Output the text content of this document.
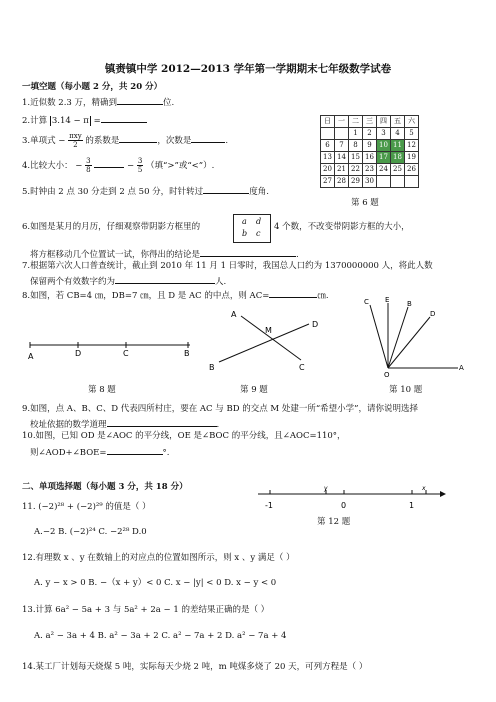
镇赉镇中学 2012—2013 学年第一学期期末七年级数学试卷
一填空题（每小题 2 分，共 20 分）
1.近似数 2.3 万，精确到	位.
2.计算 3.14 − π =
3.单项式 − $\frac{\text{πxy}}{2}$ 的系数是	，次数是	.
4.比较大小： − $\frac{3}{8}$	− $\frac{3}{5}$ （填“>”或“<”）.
5.时钟由 2 点 30 分走到 2 点 50 分，时针转过	度角.
日	一	二	三	四	五	六
		1	2	3	4	5
6	7	8	9	10	11	12
13	14	15	16	17	18	19
20	21	22	23	24	25	26
27	28	29	30			
第 6 题
6.如图是某月的月历，仔细观察带阴影方框里的
a d
b c
4 个数，不改变带阴影方框的大小，
将方框移动几个位置试一试，你得出的结论是	.
7.根据第六次人口普查统计，截止到 2010 年 11 月 1 日零时，我国总人口约为 1370000000 人，将此人数
保留两个有效数字约为	人.
8.如图，若 CB=4 ㎝，DB=7 ㎝，且 D 是 AC 的中点，则 AC=	㎝.
A	D	C	B
第 8 题
A
M
D
B	C
第 9 题
C E	B
D
O
A
第 10 题
9.如图，点 A、B、C、D 代表四所村庄，要在 AC 与 BD 的交点 M 处建一所“希望小学”，请你说明选择
校址依据的数学道理	.
10.如图，已知 OD 是∠AOC 的平分线，OE 是∠BOC 的平分线，且∠AOC=110°，
则∠AOD+∠BOE=	°.
二、单项选择题（每小题 3 分，共 18 分）
11. (−2)²⁸ + (−2)²⁹ 的值是（ ）
A.−2 B. (−2)²⁴ C. −2²⁸ D.0
y	x
-1	0	1
第 12 题
12.有理数 x 、y 在数轴上的对应点的位置如图所示，则 x 、y 满足（ ）
A. y − x > 0 B. −（x + y）< 0 C. x − |y| < 0 D. x − y < 0
13.计算 6a² − 5a + 3 与 5a² + 2a − 1 的差结果正确的是（ ）
A. a² − 3a + 4 B. a² − 3a + 2 C. a² − 7a + 2 D. a² − 7a + 4
14.某工厂计划每天烧煤 5 吨，实际每天少烧 2 吨，m 吨煤多烧了 20 天，可列方程是（ ）
